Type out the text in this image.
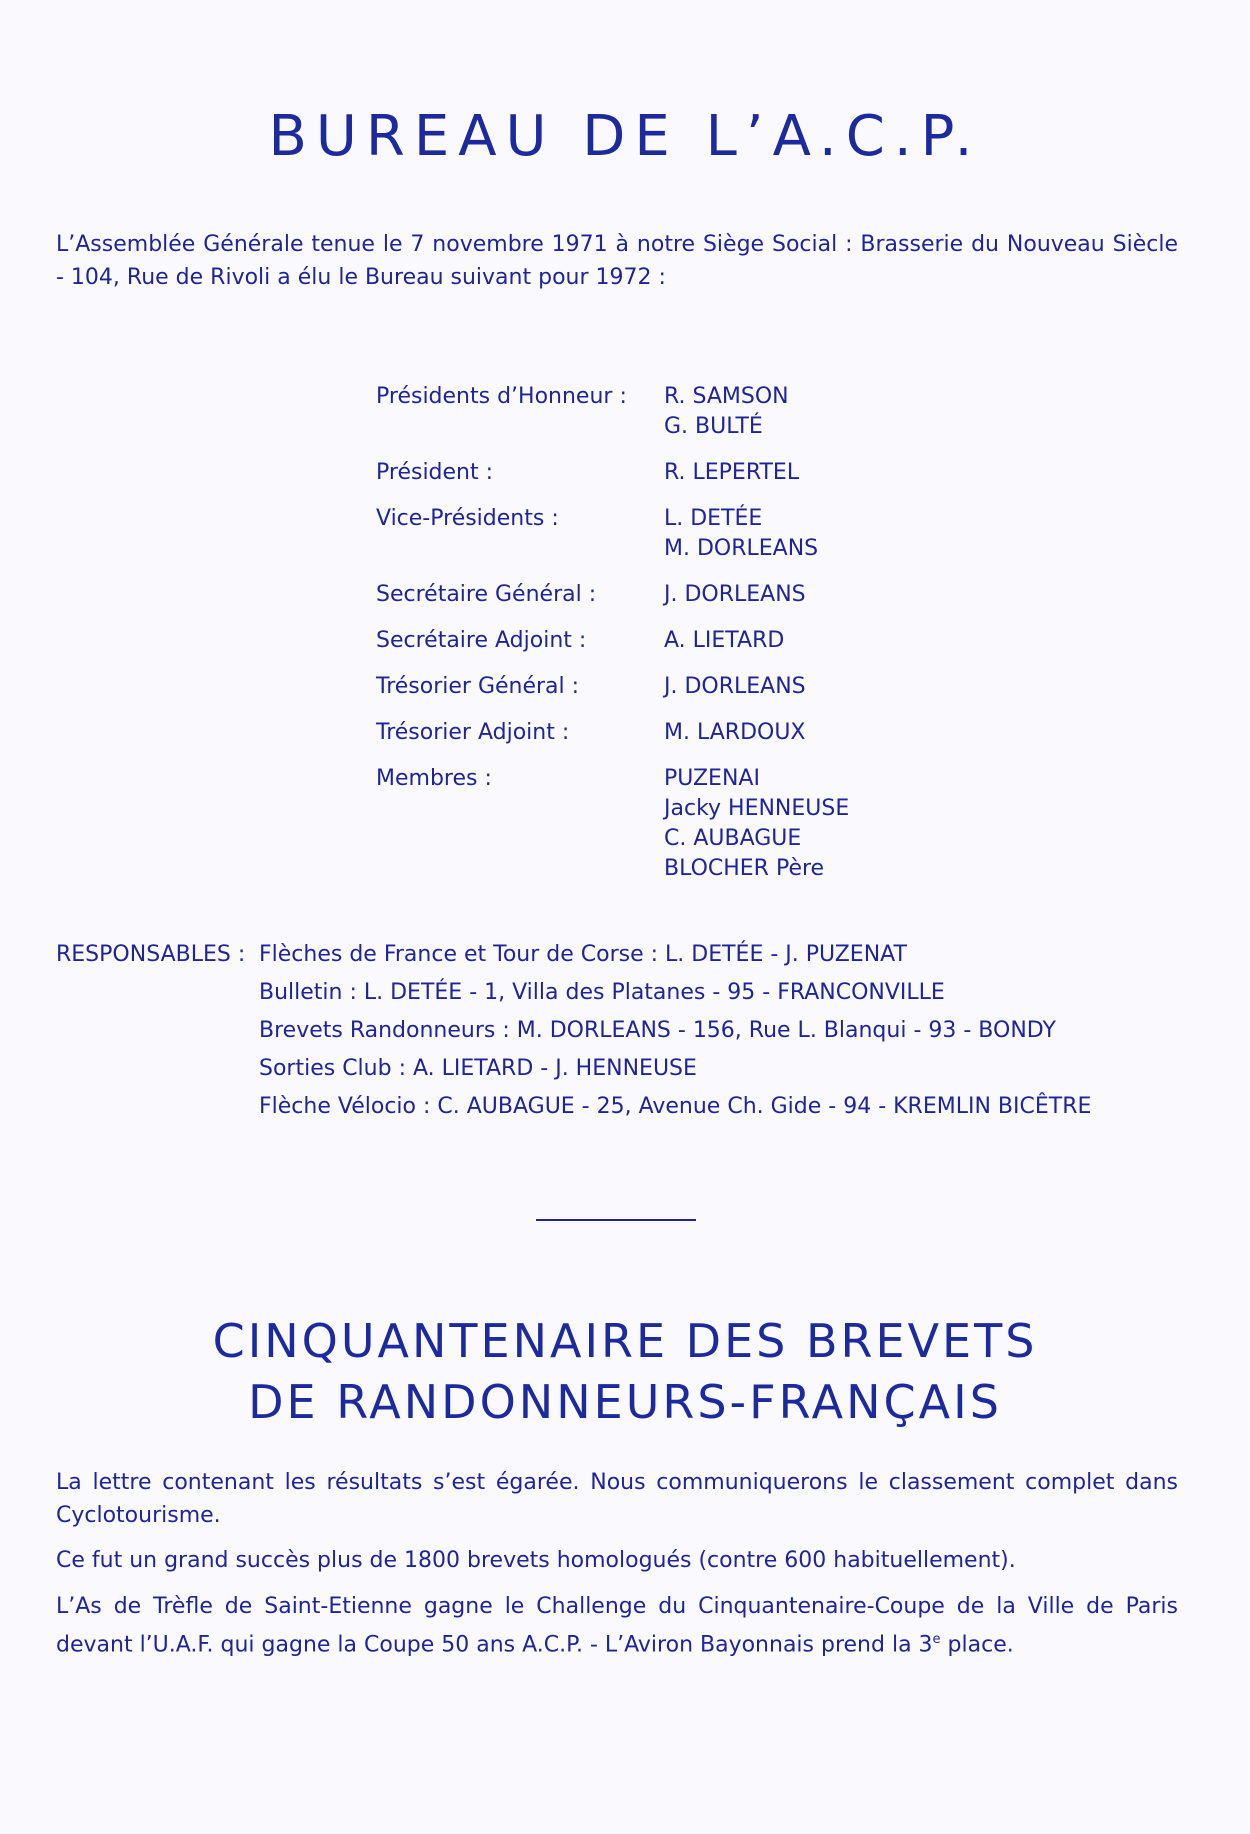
BUREAU DE L’A.C.P.

L’Assemblée Générale tenue le 7 novembre 1971 à notre Siège Social : Brasserie du Nouveau Siècle - 104, Rue de Rivoli a élu le Bureau suivant pour 1972 :

Présidents d’Honneur :	R. SAMSON
G. BULTÉ
Président :	R. LEPERTEL
Vice-Présidents :	L. DETÉE
M. DORLEANS
Secrétaire Général :	J. DORLEANS
Secrétaire Adjoint :	A. LIETARD
Trésorier Général :	J. DORLEANS
Trésorier Adjoint :	M. LARDOUX
Membres :	PUZENAI
Jacky HENNEUSE
C. AUBAGUE
BLOCHER Père
RESPONSABLES : Flèches de France et Tour de Corse : L. DETÉE - J. PUZENAT
Bulletin : L. DETÉE - 1, Villa des Platanes - 95 - FRANCONVILLE
Brevets Randonneurs : M. DORLEANS - 156, Rue L. Blanqui - 93 - BONDY
Sorties Club : A. LIETARD - J. HENNEUSE
Flèche Vélocio : C. AUBAGUE - 25, Avenue Ch. Gide - 94 - KREMLIN BICÊTRE
CINQUANTENAIRE DES BREVETS
DE RANDONNEURS-FRANÇAIS

La lettre contenant les résultats s’est égarée. Nous communiquerons le classement complet dans Cyclotourisme.

Ce fut un grand succès plus de 1800 brevets homologués (contre 600 habituellement).

L’As de Trèfle de Saint-Etienne gagne le Challenge du Cinquantenaire-Coupe de la Ville de Paris devant l’U.A.F. qui gagne la Coupe 50 ans A.C.P. - L’Aviron Bayonnais prend la 3e place.
